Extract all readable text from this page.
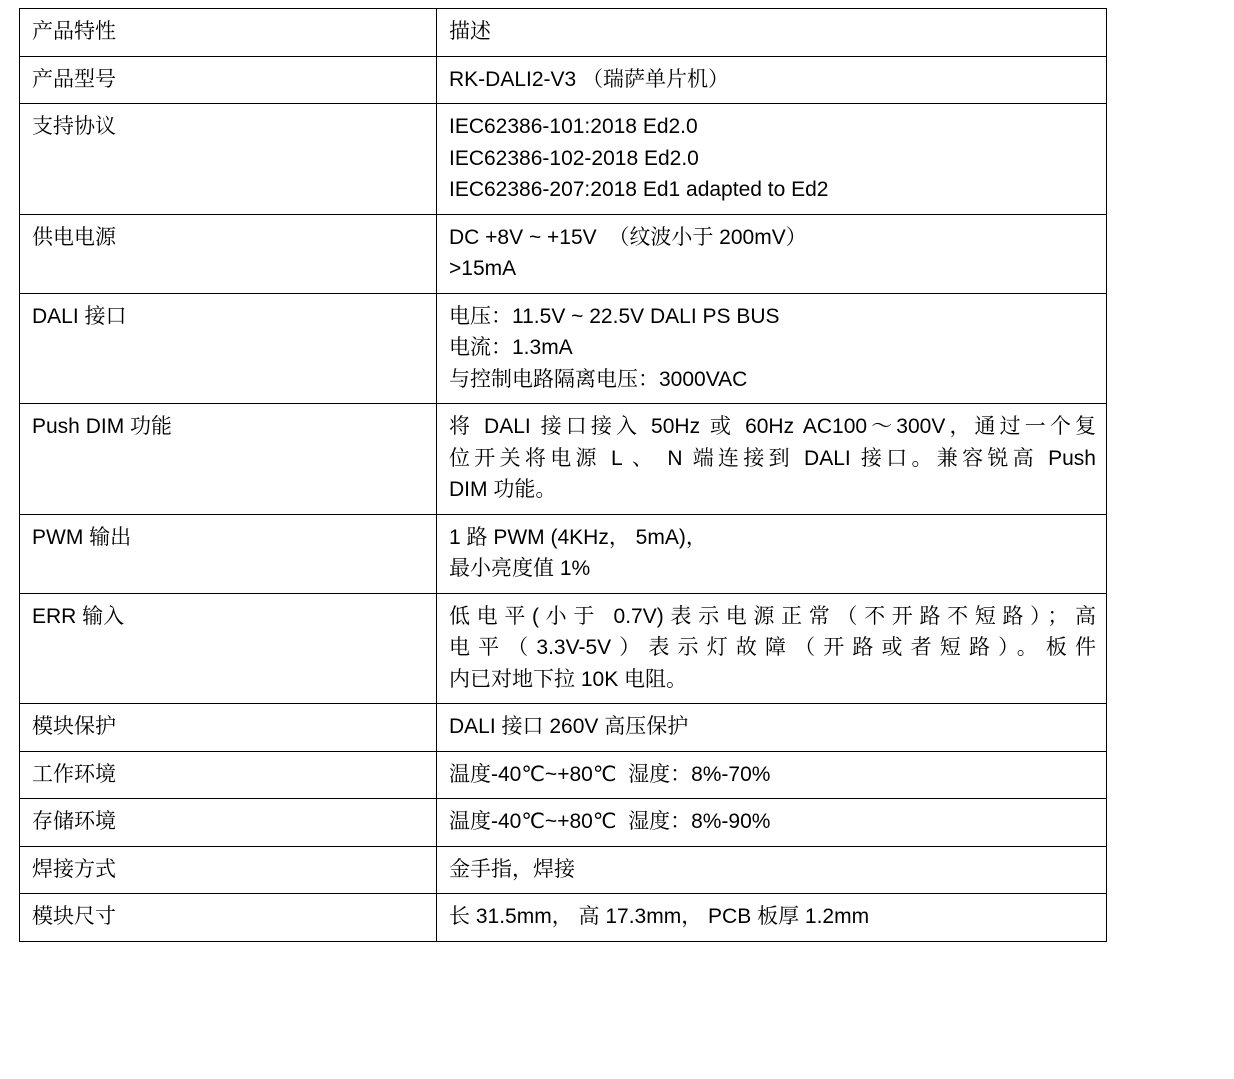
产品特性	描述

产品型号	RK-DALI2-V3 （瑞萨单片机）

支持协议	IEC62386-101:2018 Ed2.0
IEC62386-102-2018 Ed2.0
IEC62386-207:2018 Ed1 adapted to Ed2

供电电源	DC +8V ~ +15V  （纹波小于 200mV）
>15mA

DALI 接口	电压：11.5V ~ 22.5V DALI PS BUS
电流：1.3mA
与控制电路隔离电压：3000VAC

Push DIM 功能	将 DALI 接口接入 50Hz 或 60Hz AC100～300V，通过一个复
位开关将电源 L 、 N 端连接到 DALI 接口。兼容锐高 Push
DIM 功能。

PWM 输出	1 路 PWM (4KHz， 5mA)，
最小亮度值 1%

ERR 输入	低电平(小于 0.7V)表示电源正常（不开路不短路）；高
电平（3.3V-5V）表示灯故障（开路或者短路）。板件
内已对地下拉 10K 电阻。

模块保护	DALI 接口 260V 高压保护

工作环境	温度-40℃~+80℃  湿度：8%-70%

存储环境	温度-40℃~+80℃  湿度：8%-90%

焊接方式	金手指，焊接

模块尺寸	长 31.5mm， 高 17.3mm， PCB 板厚 1.2mm
